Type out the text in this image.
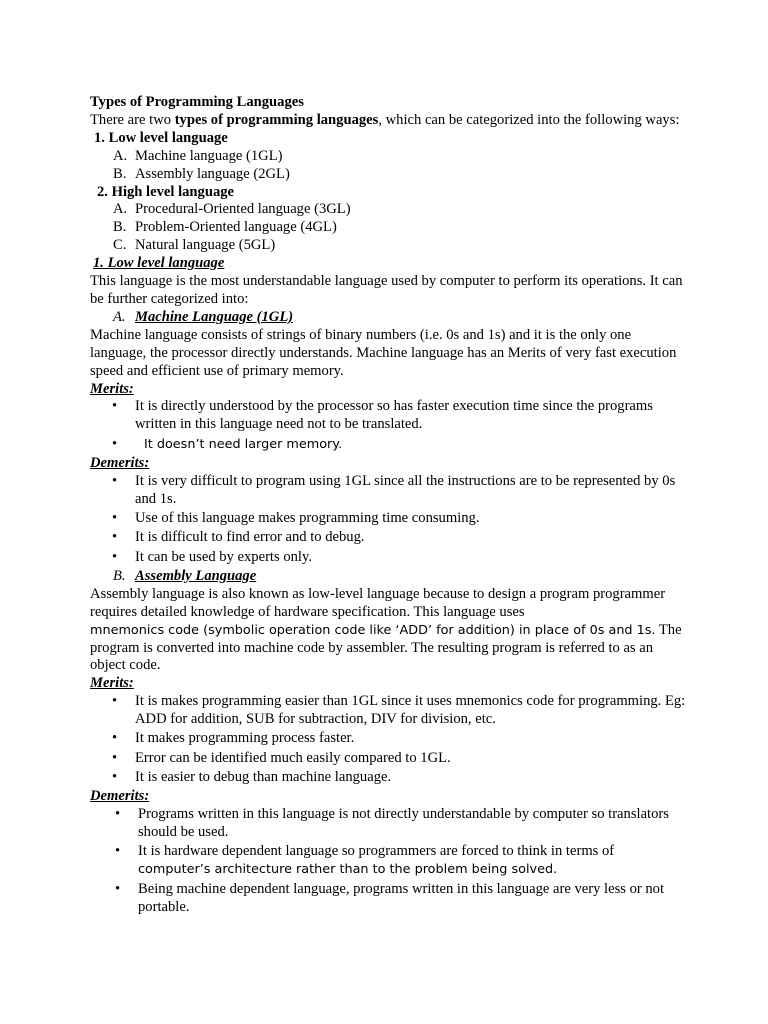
Types of Programming Languages

There are two types of programming languages, which can be categorized into the following ways:

1. Low level language

A. Machine language (1GL)
B. Assembly language (2GL)

2. High level language

A. Procedural-Oriented language (3GL)
B. Problem-Oriented language (4GL)
C. Natural language (5GL)

1. Low level language

This language is the most understandable language used by computer to perform its operations. It can be further categorized into:

A. Machine Language (1GL)

Machine language consists of strings of binary numbers (i.e. 0s and 1s) and it is the only one language, the processor directly understands. Machine language has an Merits of very fast execution speed and efficient use of primary memory.

Merits:

• It is directly understood by the processor so has faster execution time since the programs written in this language need not to be translated.
• It doesn’t need larger memory.

Demerits:

• It is very difficult to program using 1GL since all the instructions are to be represented by 0s and 1s.
• Use of this language makes programming time consuming.
• It is difficult to find error and to debug.
• It can be used by experts only.

B. Assembly Language

Assembly language is also known as low-level language because to design a program programmer requires detailed knowledge of hardware specification. This language uses
mnemonics code (symbolic operation code like ‘ADD’ for addition) in place of 0s and 1s. The program is converted into machine code by assembler. The resulting program is referred to as an object code.

Merits:

• It is makes programming easier than 1GL since it uses mnemonics code for programming. Eg: ADD for addition, SUB for subtraction, DIV for division, etc.
• It makes programming process faster.
• Error can be identified much easily compared to 1GL.
• It is easier to debug than machine language.

Demerits:

• Programs written in this language is not directly understandable by computer so translators should be used.
• It is hardware dependent language so programmers are forced to think in terms of
computer’s architecture rather than to the problem being solved.
• Being machine dependent language, programs written in this language are very less or not portable.
